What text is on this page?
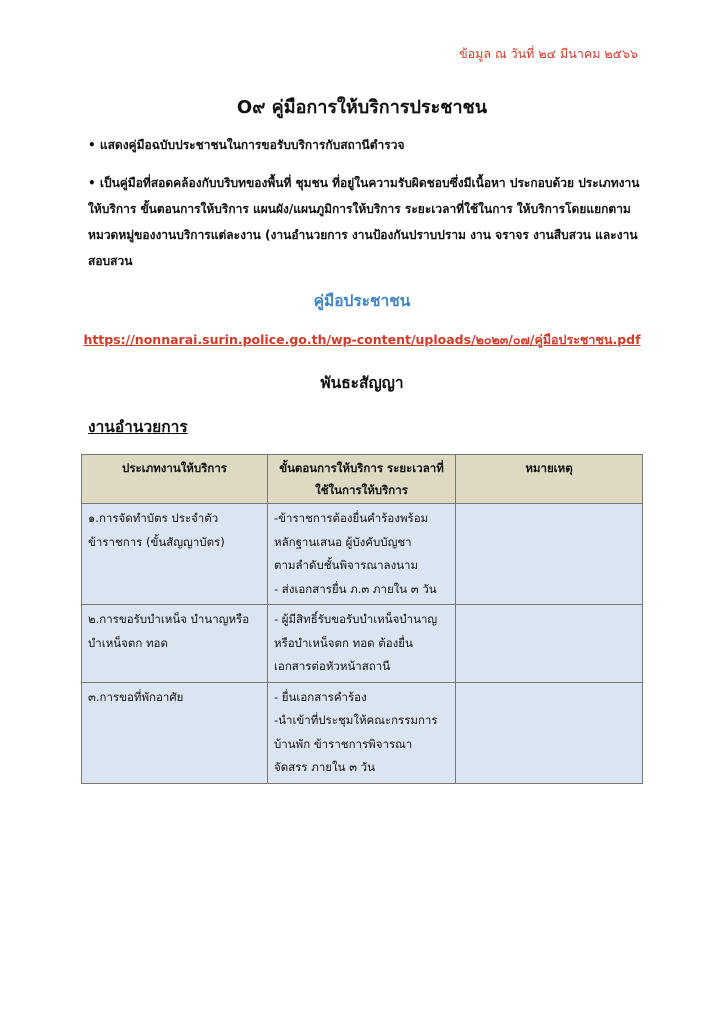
ข้อมูล ณ วันที่ ๒๔ มีนาคม ๒๕๖๖
O๙ คู่มือการให้บริการประชาชน

• แสดงคู่มือฉบับประชาชนในการขอรับบริการกับสถานีตำรวจ

• เป็นคู่มือที่สอดคล้องกับบริบทของพื้นที่ ชุมชน ที่อยู่ในความรับผิดชอบซึ่งมีเนื้อหา ประกอบด้วย ประเภทงานให้บริการ ขั้นตอนการให้บริการ แผนผัง/แผนภูมิการให้บริการ ระยะเวลาที่ใช้ในการ ให้บริการโดยแยกตามหมวดหมู่ของงานบริการแต่ละงาน (งานอำนวยการ งานป้องกันปราบปราม งาน จราจร งานสืบสวน และงานสอบสวน

คู่มือประชาชน
https://nonnarai.surin.police.go.th/wp-content/uploads/๒๐๒๓/๐๗/คู่มือประชาชน.pdf
พันธะสัญญา
งานอำนวยการ
ประเภทงานให้บริการ	ขั้นตอนการให้บริการ ระยะเวลาที่ใช้ในการให้บริการ	หมายเหตุ

๑.การจัดทำบัตร ประจำตัว
ข้าราชการ (ขั้นสัญญาบัตร)	-ข้าราชการต้องยื่นคำร้องพร้อม
หลักฐานเสนอ ผู้บังคับบัญชา
ตามลำดับชั้นพิจารณาลงนาม
- ส่งเอกสารยื่น ภ.๓ ภายใน ๓ วัน	

๒.การขอรับบำเหน็จ บำนาญหรือ
บำเหน็จตก ทอด	- ผู้มีสิทธิ์รับขอรับบำเหน็จบำนาญ
หรือบำเหน็จตก ทอด ต้องยื่น
เอกสารต่อหัวหน้าสถานี	

๓.การขอที่พักอาศัย	- ยื่นเอกสารคำร้อง
-นำเข้าที่ประชุมให้คณะกรรมการ
บ้านพัก ข้าราชการพิจารณา
จัดสรร ภายใน ๓ วัน	
